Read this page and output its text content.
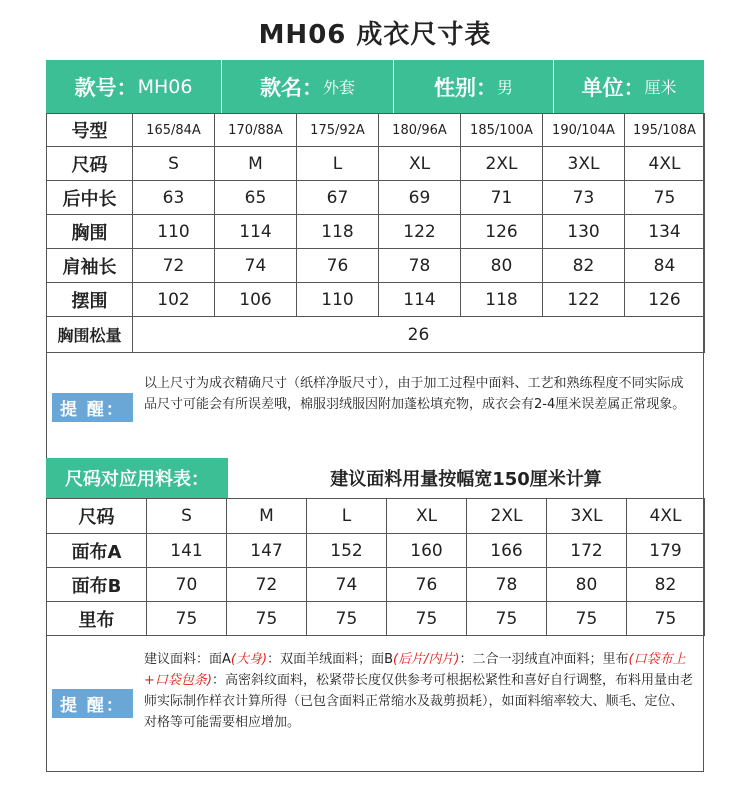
MH06 成衣尺寸表
款号： MH06	款名： 外套	性别： 男	单位： 厘米
号型	165/84A	170/88A	175/92A	180/96A	185/100A	190/104A	195/108A
尺码	S	M	L	XL	2XL	3XL	4XL
后中长	63	65	67	69	71	73	75
胸围	110	114	118	122	126	130	134
肩袖长	72	74	76	78	80	82	84
摆围	102	106	110	114	118	122	126
胸围松量	26						
提 醒：
以上尺寸为成衣精确尺寸（纸样净版尺寸），由于加工过程中面料、工艺和熟练程度不同实际成品尺寸可能会有所误差哦，棉服羽绒服因附加蓬松填充物，成衣会有2-4厘米误差属正常现象。
尺码对应用料表：	建议面料用量按幅宽150厘米计算
尺码	S	M	L	XL	2XL	3XL	4XL
面布A	141	147	152	160	166	172	179
面布B	70	72	74	76	78	80	82
里布	75	75	75	75	75	75	75
提 醒：
建议面料：面A(大身)：双面羊绒面料；面B(后片/内片)：二合一羽绒直冲面料；里布(口袋布上+口袋包条)：高密斜纹面料，松紧带长度仅供参考可根据松紧性和喜好自行调整，布料用量由老师实际制作样衣计算所得（已包含面料正常缩水及裁剪损耗），如面料缩率较大、顺毛、定位、对格等可能需要相应增加。
